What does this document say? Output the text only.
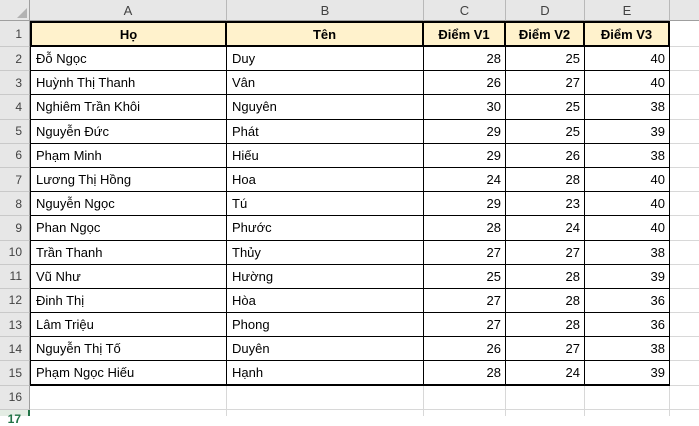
A	B	C	D	E
1	Họ	Tên	Điểm V1	Điểm V2	Điểm V3
2	Đỗ Ngọc	Duy	28	25	40
3	Huỳnh Thị Thanh	Vân	26	27	40
4	Nghiêm Trần Khôi	Nguyên	30	25	38
5	Nguyễn Đức	Phát	29	25	39
6	Phạm Minh	Hiếu	29	26	38
7	Lương Thị Hồng	Hoa	24	28	40
8	Nguyễn Ngọc	Tú	29	23	40
9	Phan Ngọc	Phước	28	24	40
10	Trần Thanh	Thủy	27	27	38
11	Vũ Như	Hường	25	28	39
12	Đinh Thị	Hòa	27	28	36
13	Lâm Triệu	Phong	27	28	36
14	Nguyễn Thị Tố	Duyên	26	27	38
15	Phạm Ngọc Hiếu	Hạnh	28	24	39
16
17
